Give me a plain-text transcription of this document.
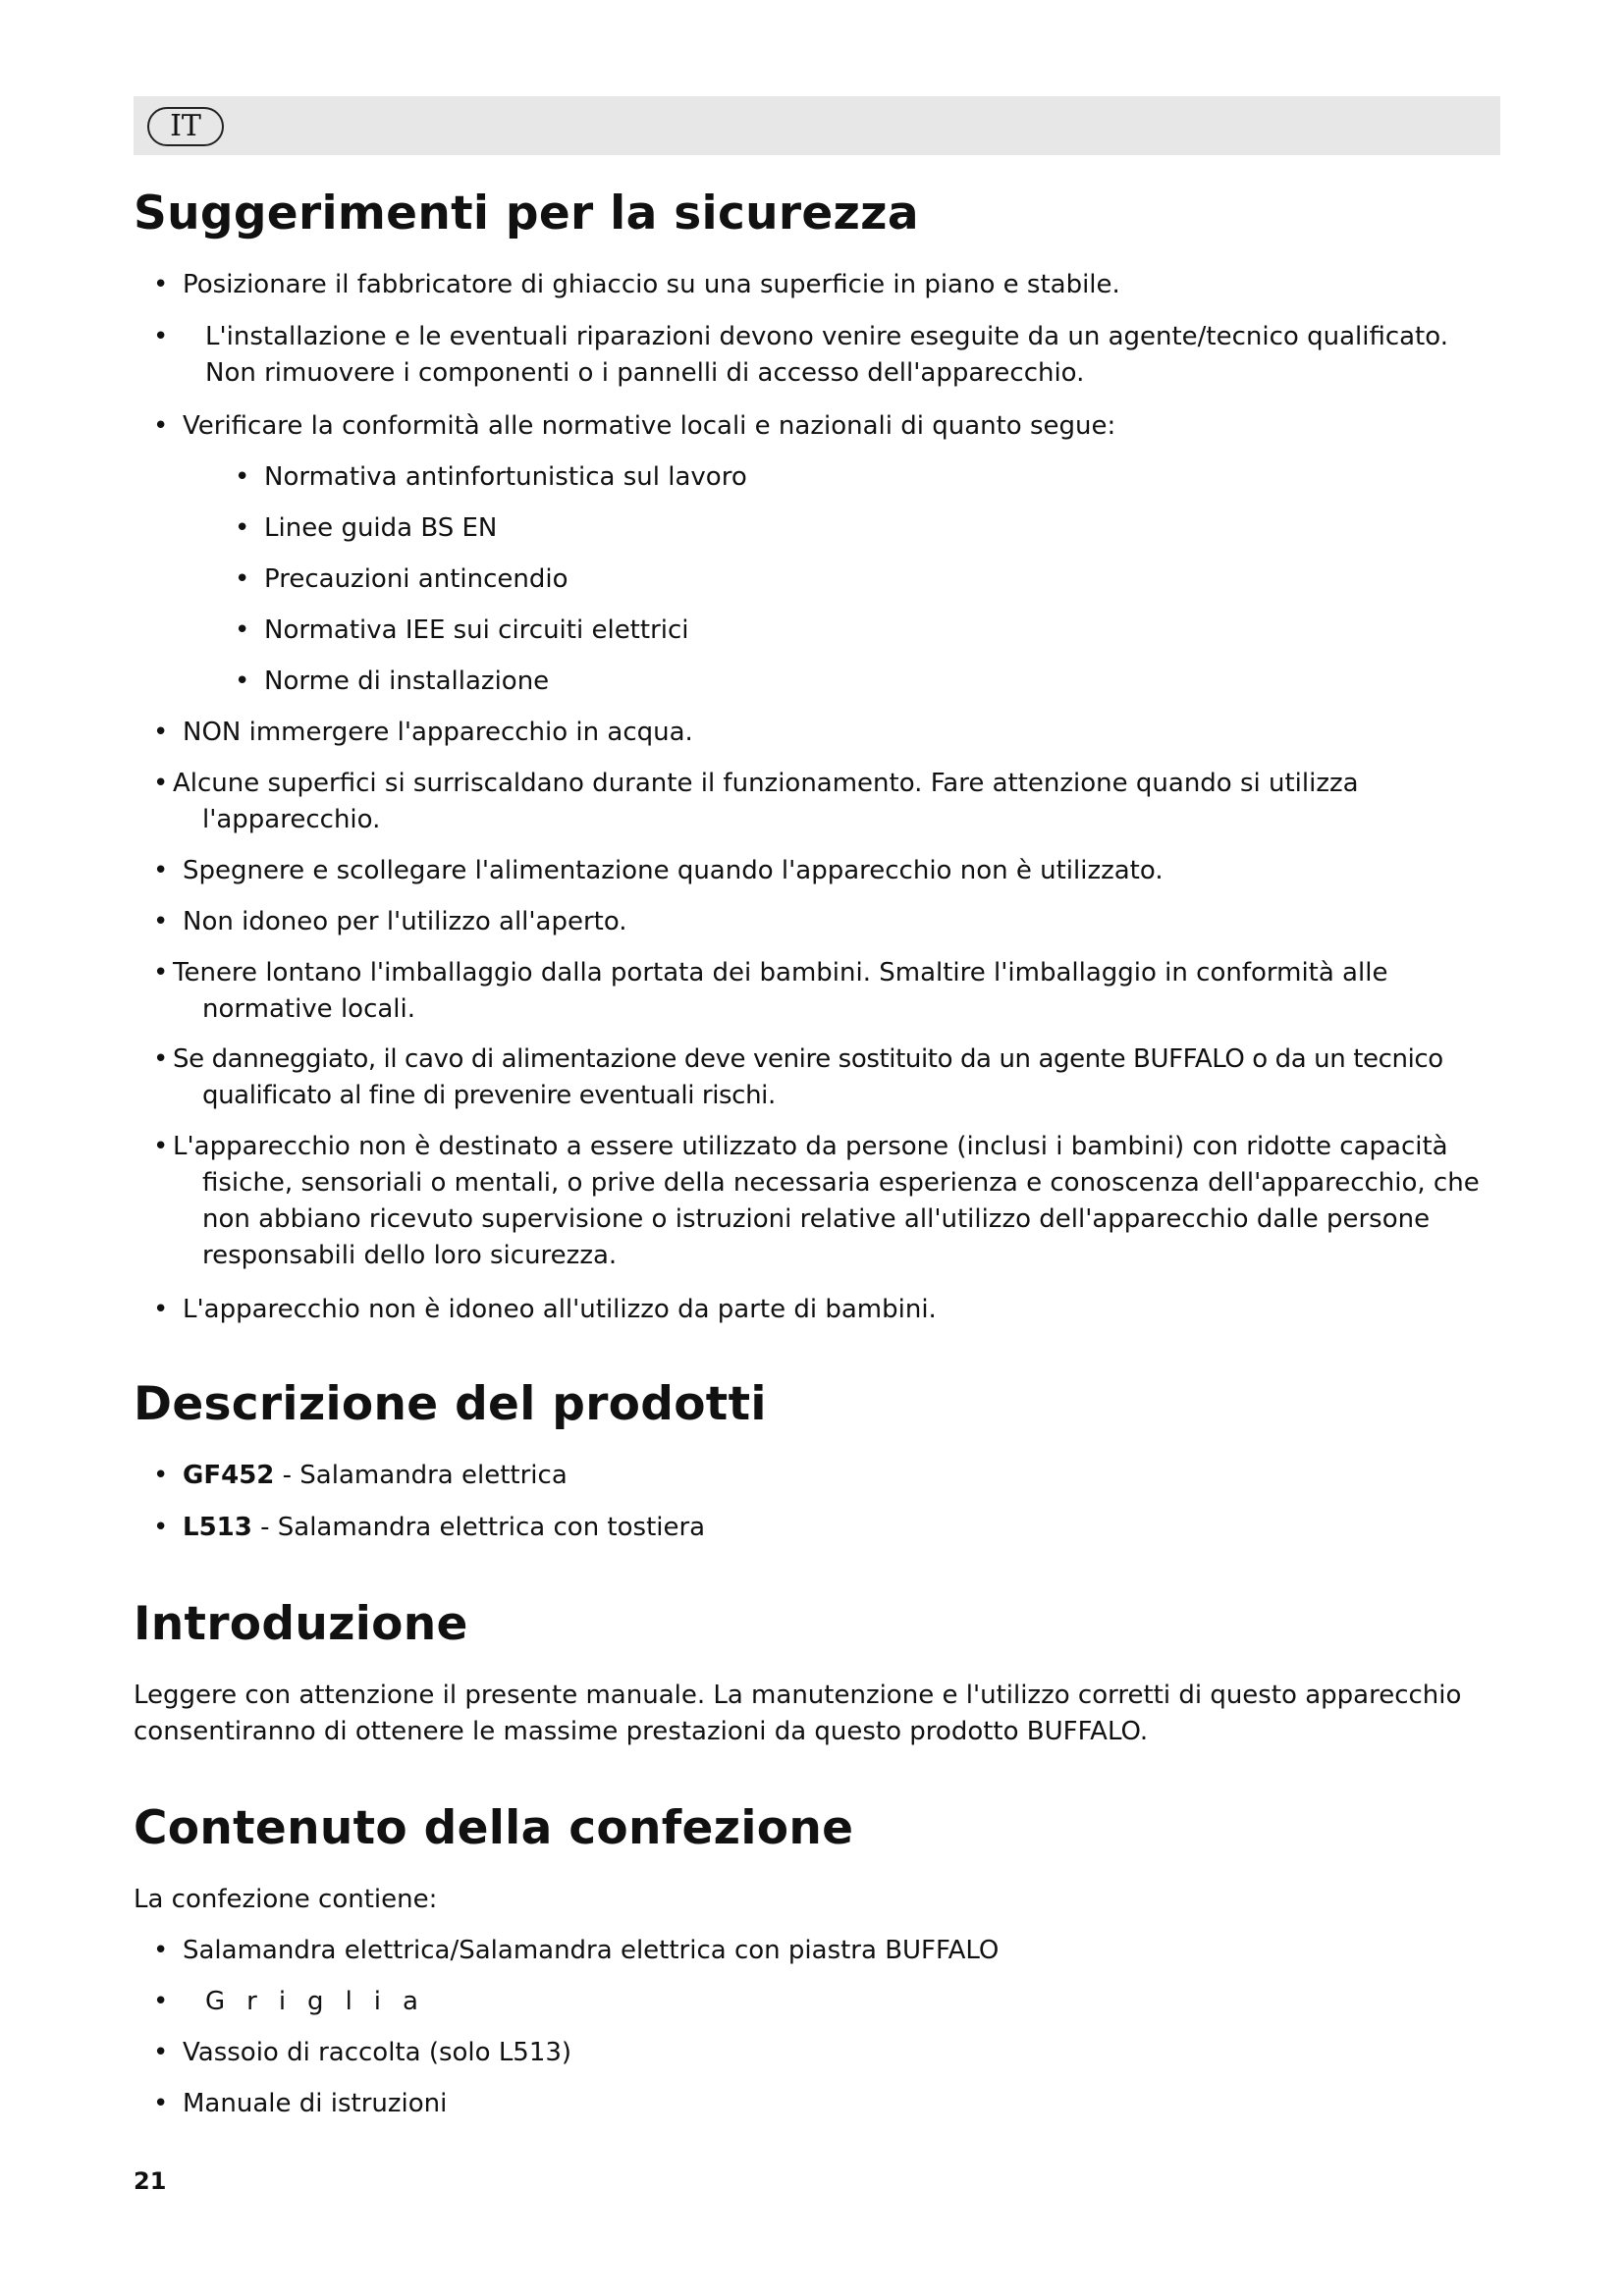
IT
Suggerimenti per la sicurezza
• Posizionare il fabbricatore di ghiaccio su una superficie in piano e stabile.
•	L'installazione e le eventuali riparazioni devono venire eseguite da un agente/tecnico qualificato. Non rimuovere i componenti o i pannelli di accesso dell'apparecchio.
• Verificare la conformità alle normative locali e nazionali di quanto segue:
• Normativa antinfortunistica sul lavoro
• Linee guida BS EN
• Precauzioni antincendio
• Normativa IEE sui circuiti elettrici
• Norme di installazione
• NON immergere l'apparecchio in acqua.
• Alcune superfici si surriscaldano durante il funzionamento. Fare attenzione quando si utilizza l'apparecchio.
• Spegnere e scollegare l'alimentazione quando l'apparecchio non è utilizzato.
• Non idoneo per l'utilizzo all'aperto.
• Tenere lontano l'imballaggio dalla portata dei bambini. Smaltire l'imballaggio in conformità alle normative locali.
• Se danneggiato, il cavo di alimentazione deve venire sostituito da un agente BUFFALO o da un tecnico qualificato al fine di prevenire eventuali rischi.
• L'apparecchio non è destinato a essere utilizzato da persone (inclusi i bambini) con ridotte capacità fisiche, sensoriali o mentali, o prive della necessaria esperienza e conoscenza dell'apparecchio, che non abbiano ricevuto supervisione o istruzioni relative all'utilizzo dell'apparecchio dalle persone responsabili dello loro sicurezza.
• L'apparecchio non è idoneo all'utilizzo da parte di bambini.
Descrizione del prodotti
• GF452 - Salamandra elettrica
• L513 - Salamandra elettrica con tostiera
Introduzione
Leggere con attenzione il presente manuale. La manutenzione e l'utilizzo corretti di questo apparecchio consentiranno di ottenere le massime prestazioni da questo prodotto BUFFALO.
Contenuto della confezione
La confezione contiene:
• Salamandra elettrica/Salamandra elettrica con piastra BUFFALO
•	Griglia
• Vassoio di raccolta (solo L513)
• Manuale di istruzioni
21
